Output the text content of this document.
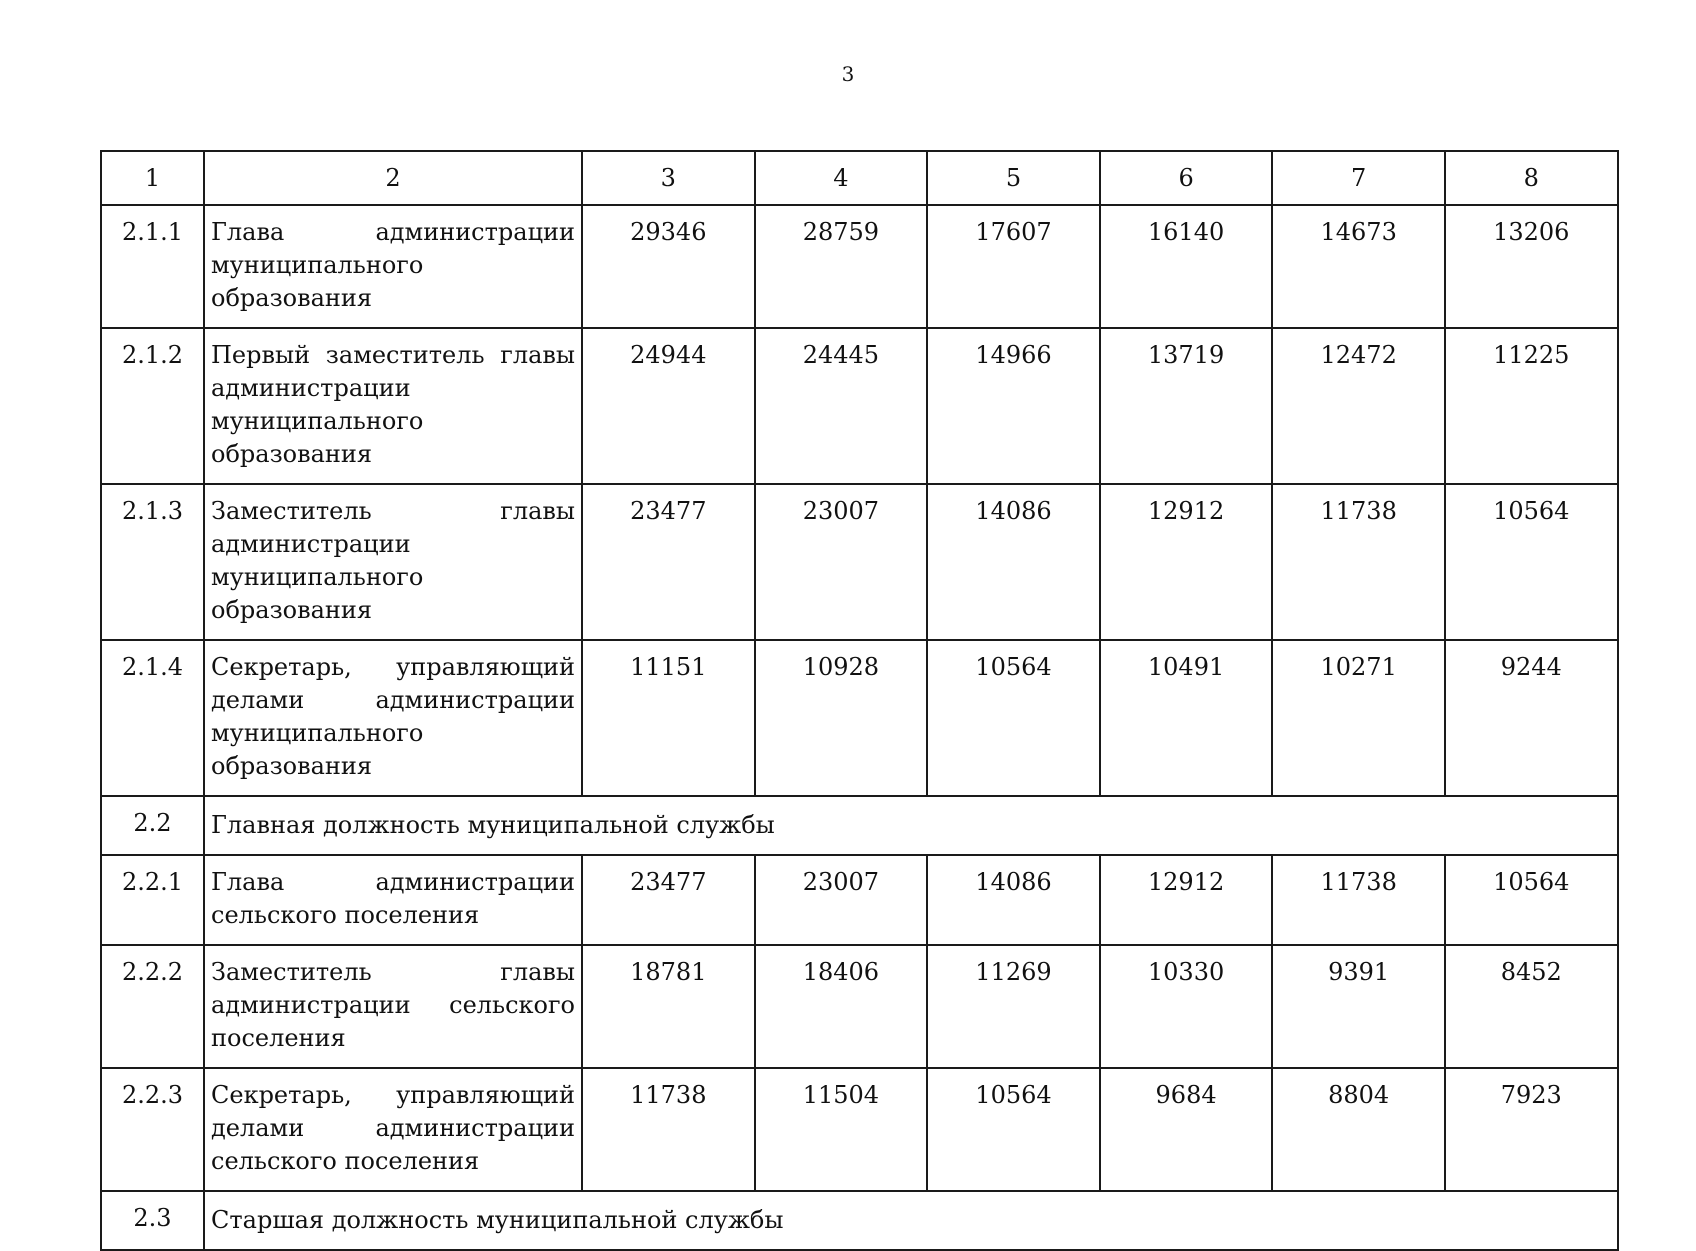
3
1	2	3	4	5	6	7	8
2.1.1	Глава администрации муниципального образования	29346	28759	17607	16140	14673	13206
2.1.2	Первый заместитель главы администрации муниципального образования	24944	24445	14966	13719	12472	11225
2.1.3	Заместитель главы администрации муниципального образования	23477	23007	14086	12912	11738	10564
2.1.4	Секретарь, управляющий делами администрации муниципального образования	11151	10928	10564	10491	10271	9244
2.2	Главная должность муниципальной службы						
2.2.1	Глава администрации сельского поселения	23477	23007	14086	12912	11738	10564
2.2.2	Заместитель главы администрации сельского поселения	18781	18406	11269	10330	9391	8452
2.2.3	Секретарь, управляющий делами администрации сельского поселения	11738	11504	10564	9684	8804	7923
2.3	Старшая должность муниципальной службы						
